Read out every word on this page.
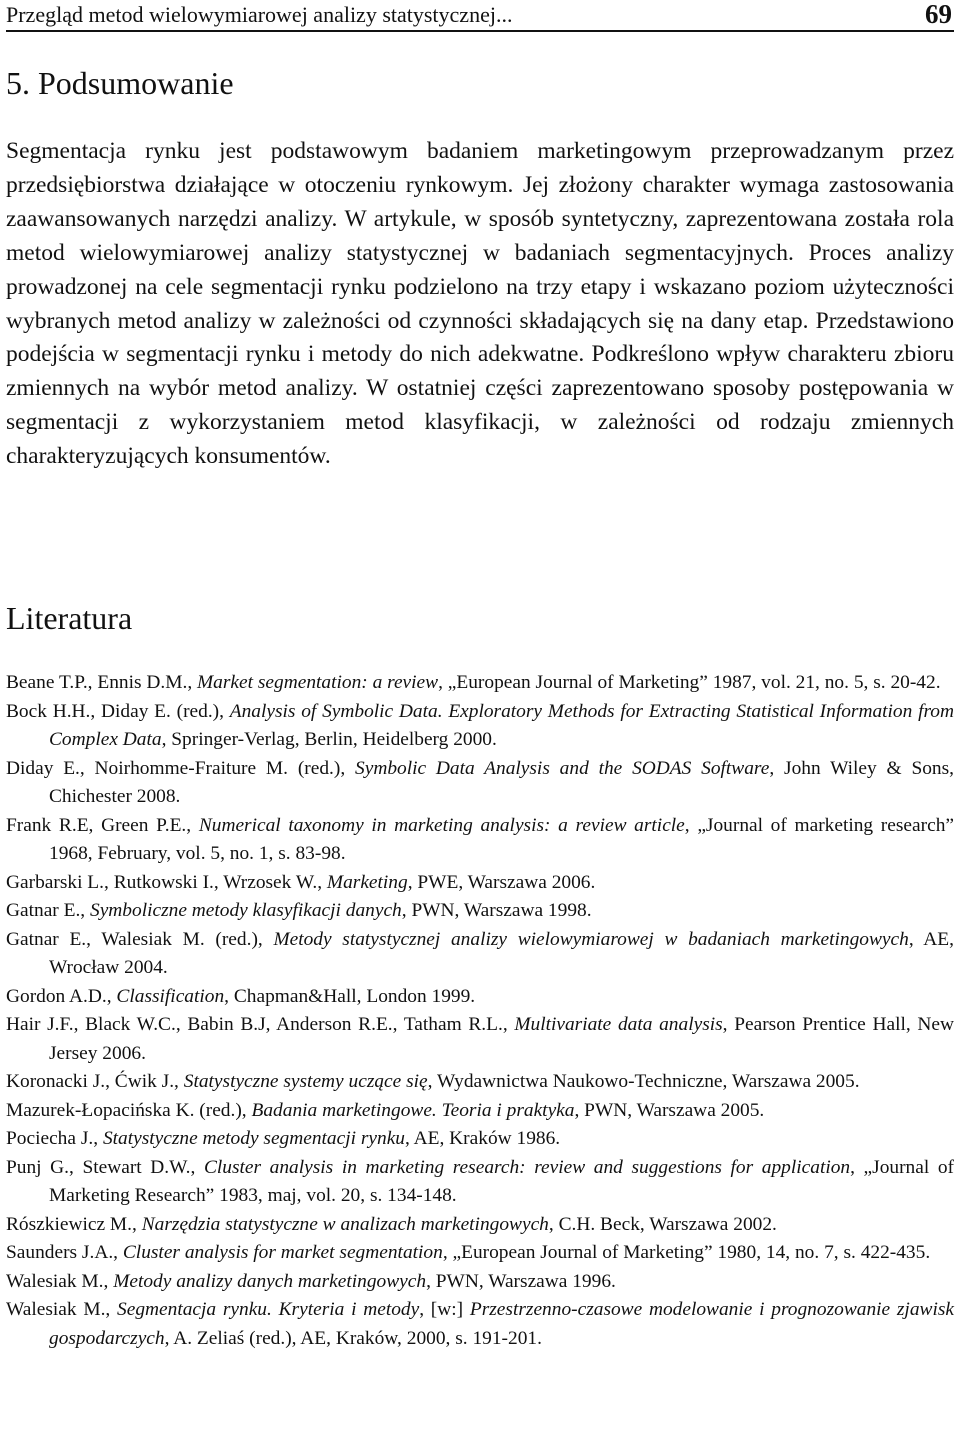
Przegląd metod wielowymiarowej analizy statystycznej...	69
5. Podsumowanie

Segmentacja rynku jest podstawowym badaniem marketingowym przeprowadzanym przez przedsiębiorstwa działające w otoczeniu rynkowym. Jej złożony charakter wymaga zastosowania zaawansowanych narzędzi analizy. W artykule, w sposób syntetyczny, zaprezentowana została rola metod wielowymiarowej analizy statystycznej w badaniach segmentacyjnych. Proces analizy prowadzonej na cele segmentacji rynku podzielono na trzy etapy i wskazano poziom użyteczności wybranych metod analizy w zależności od czynności składających się na dany etap. Przedstawiono podejścia w segmentacji rynku i metody do nich adekwatne. Podkreślono wpływ charakteru zbioru zmiennych na wybór metod analizy. W ostatniej części zaprezentowano sposoby postępowania w segmentacji z wykorzystaniem metod klasyfikacji, w zależności od rodzaju zmiennych charakteryzujących konsumentów.

Literatura
Beane T.P., Ennis D.M., Market segmentation: a review, „European Journal of Marketing” 1987, vol. 21, no. 5, s. 20-42.
Bock H.H., Diday E. (red.), Analysis of Symbolic Data. Exploratory Methods for Extracting Statistical Information from Complex Data, Springer-Verlag, Berlin, Heidelberg 2000.
Diday E., Noirhomme-Fraiture M. (red.), Symbolic Data Analysis and the SODAS Software, John Wiley & Sons, Chichester 2008.
Frank R.E, Green P.E., Numerical taxonomy in marketing analysis: a review article, „Journal of marketing research” 1968, February, vol. 5, no. 1, s. 83-98.
Garbarski L., Rutkowski I., Wrzosek W., Marketing, PWE, Warszawa 2006.
Gatnar E., Symboliczne metody klasyfikacji danych, PWN, Warszawa 1998.
Gatnar E., Walesiak M. (red.), Metody statystycznej analizy wielowymiarowej w badaniach marketingowych, AE, Wrocław 2004.
Gordon A.D., Classification, Chapman&Hall, London 1999.
Hair J.F., Black W.C., Babin B.J, Anderson R.E., Tatham R.L., Multivariate data analysis, Pearson Prentice Hall, New Jersey 2006.
Koronacki J., Ćwik J., Statystyczne systemy uczące się, Wydawnictwa Naukowo-Techniczne, Warszawa 2005.
Mazurek-Łopacińska K. (red.), Badania marketingowe. Teoria i praktyka, PWN, Warszawa 2005.
Pociecha J., Statystyczne metody segmentacji rynku, AE, Kraków 1986.
Punj G., Stewart D.W., Cluster analysis in marketing research: review and suggestions for application, „Journal of Marketing Research” 1983, maj, vol. 20, s. 134-148.
Rószkiewicz M., Narzędzia statystyczne w analizach marketingowych, C.H. Beck, Warszawa 2002.
Saunders J.A., Cluster analysis for market segmentation, „European Journal of Marketing” 1980, 14, no. 7, s. 422-435.
Walesiak M., Metody analizy danych marketingowych, PWN, Warszawa 1996.
Walesiak M., Segmentacja rynku. Kryteria i metody, [w:] Przestrzenno-czasowe modelowanie i prognozowanie zjawisk gospodarczych, A. Zeliaś (red.), AE, Kraków, 2000, s. 191-201.
